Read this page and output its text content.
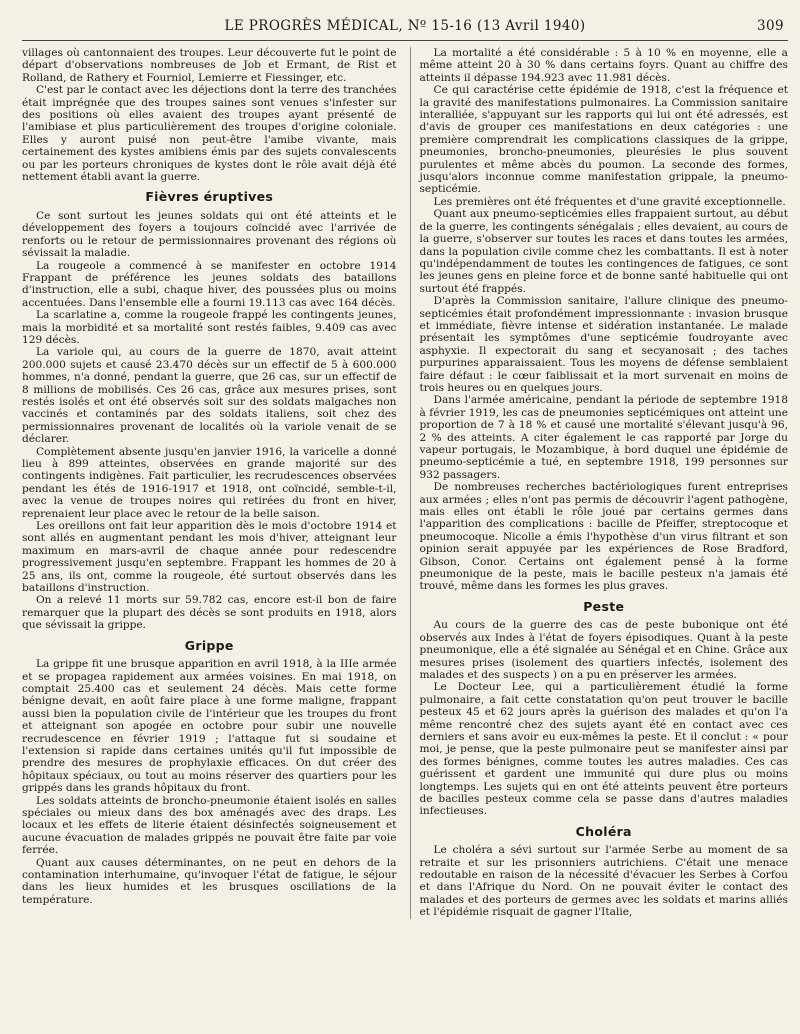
LE PROGRÈS MÉDICAL, Nº 15-16 (13 Avril 1940)	309

villages où cantonnaient des troupes. Leur découverte fut le point de départ d'observations nombreuses de Job et Ermant, de Rist et Rolland, de Rathery et Fourniol, Lemierre et Fiessinger, etc.

C'est par le contact avec les déjections dont la terre des tranchées était imprégnée que des troupes saines sont venues s'infester sur des positions où elles avaient des troupes ayant présenté de l'amibiase et plus particulièrement des troupes d'origine coloniale. Elles y auront puisé non peut-être l'amibe vivante, mais certainement des kystes amibiens émis par des sujets convalescents ou par les porteurs chroniques de kystes dont le rôle avait déjà été nettement établi avant la guerre.

Fièvres éruptives

Ce sont surtout les jeunes soldats qui ont été atteints et le développement des foyers a toujours coïncidé avec l'arrivée de renforts ou le retour de permissionnaires provenant des régions où sévissait la maladie.

La rougeole a commencé à se manifester en octobre 1914 Frappant de préférence les jeunes soldats des bataillons d'instruction, elle a subi, chaque hiver, des poussées plus ou moins accentuées. Dans l'ensemble elle a fourni 19.113 cas avec 164 décès.

La scarlatine a, comme la rougeole frappé les contingents jeunes, mais la morbidité et sa mortalité sont restés faibles, 9.409 cas avec 129 décès.

La variole qui, au cours de la guerre de 1870, avait atteint 200.000 sujets et causé 23.470 décès sur un effectif de 5 à 600.000 hommes, n'a donné, pendant la guerre, que 26 cas, sur un effectif de 8 millions de mobilisés. Ces 26 cas, grâce aux mesures prises, sont restés isolés et ont été observés soit sur des soldats malgaches non vaccinés et contaminés par des soldats italiens, soit chez des permissionnaires provenant de localités où la variole venait de se déclarer.

Complètement absente jusqu'en janvier 1916, la varicelle a donné lieu à 899 atteintes, observées en grande majorité sur des contingents indigènes. Fait particulier, les recrudescences observées pendant les étés de 1916-1917 et 1918, ont coïncidé, semble-t-il, avec la venue de troupes noires qui retirées du front en hiver, reprenaient leur place avec le retour de la belle saison.

Les oreillons ont fait leur apparition dès le mois d'octobre 1914 et sont allés en augmentant pendant les mois d'hiver, atteignant leur maximum en mars-avril de chaque année pour redescendre progressivement jusqu'en septembre. Frappant les hommes de 20 à 25 ans, ils ont, comme la rougeole, été surtout observés dans les bataillons d'instruction.

On a relevé 11 morts sur 59.782 cas, encore est-il bon de faire remarquer que la plupart des décès se sont produits en 1918, alors que sévissait la grippe.

Grippe

La grippe fit une brusque apparition en avril 1918, à la IIIe armée et se propagea rapidement aux armées voisines. En mai 1918, on comptait 25.400 cas et seulement 24 décès. Mais cette forme bénigne devait, en août faire place à une forme maligne, frappant aussi bien la population civile de l'intérieur que les troupes du front et atteignant son apogée en octobre pour subir une nouvelle recrudescence en février 1919 ; l'attaque fut si soudaine et l'extension si rapide dans certaines unités qu'il fut impossible de prendre des mesures de prophylaxie efficaces. On dut créer des hôpitaux spéciaux, ou tout au moins réserver des quartiers pour les grippés dans les grands hôpitaux du front.

Les soldats atteints de broncho-pneumonie étaient isolés en salles spéciales ou mieux dans des box aménagés avec des draps. Les locaux et les effets de literie étaient désinfectés soigneusement et aucune évacuation de malades grippés ne pouvait être faite par voie ferrée.

Quant aux causes déterminantes, on ne peut en dehors de la contamination interhumaine, qu'invoquer l'état de fatigue, le séjour dans les lieux humides et les brusques oscillations de la température.

La mortalité a été considérable : 5 à 10 % en moyenne, elle a même atteint 20 à 30 % dans certains foyrs. Quant au chiffre des atteints il dépasse 194.923 avec 11.981 décès.

Ce qui caractérise cette épidémie de 1918, c'est la fréquence et la gravité des manifestations pulmonaires. La Commission sanitaire interalliée, s'appuyant sur les rapports qui lui ont été adressés, est d'avis de grouper ces manifestations en deux catégories : une première comprendrait les complications classiques de la grippe, pneumonies, broncho-pneumonies, pleurésies le plus souvent purulentes et même abcès du poumon. La seconde des formes, jusqu'alors inconnue comme manifestation grippale, la pneumo-septicémie.

Les premières ont été fréquentes et d'une gravité exceptionnelle.

Quant aux pneumo-septicémies elles frappaient surtout, au début de la guerre, les contingents sénégalais ; elles devaient, au cours de la guerre, s'observer sur toutes les races et dans toutes les armées, dans la population civile comme chez les combattants. Il est à noter qu'indépendamment de toutes les contingences de fatigues, ce sont les jeunes gens en pleine force et de bonne santé habituelle qui ont surtout été frappés.

D'après la Commission sanitaire, l'allure clinique des pneumo-septicémies était profondément impressionnante : invasion brusque et immédiate, fièvre intense et sidération instantanée. Le malade présentait les symptômes d'une septicémie foudroyante avec asphyxie. Il expectorait du sang et secyanosait ; des taches purpurines apparaissaient. Tous les moyens de défense semblaient faire défaut : le cœur faiblissait et la mort survenait en moins de trois heures ou en quelques jours.

Dans l'armée américaine, pendant la période de septembre 1918 à février 1919, les cas de pneumonies septicémiques ont atteint une proportion de 7 à 18 % et causé une mortalité s'élevant jusqu'à 96, 2 % des atteints. A citer également le cas rapporté par Jorge du vapeur portugais, le Mozambique, à bord duquel une épidémie de pneumo-septicémie a tué, en septembre 1918, 199 personnes sur 932 passagers.

De nombreuses recherches bactériologiques furent entreprises aux armées ; elles n'ont pas permis de découvrir l'agent pathogène, mais elles ont établi le rôle joué par certains germes dans l'apparition des complications : bacille de Pfeiffer, streptocoque et pneumocoque. Nicolle a émis l'hypothèse d'un virus filtrant et son opinion serait appuyée par les expériences de Rose Bradford, Gibson, Conor. Certains ont également pensé à la forme pneumonique de la peste, mais le bacille pesteux n'a jamais été trouvé, même dans les formes les plus graves.

Peste

Au cours de la guerre des cas de peste bubonique ont été observés aux Indes à l'état de foyers épisodiques. Quant à la peste pneumonique, elle a été signalée au Sénégal et en Chine. Grâce aux mesures prises (isolement des quartiers infectés, isolement des malades et des suspects ) on a pu en préserver les armées.

Le Docteur Lee, qui a particulièrement étudié la forme pulmonaire, a fait cette constatation qu'on peut trouver le bacille pesteux 45 et 62 jours après la guérison des malades et qu'on l'a même rencontré chez des sujets ayant été en contact avec ces derniers et sans avoir eu eux-mêmes la peste. Et il conclut : « pour moi, je pense, que la peste pulmonaire peut se manifester ainsi par des formes bénignes, comme toutes les autres maladies. Ces cas guérissent et gardent une immunité qui dure plus ou moins longtemps. Les sujets qui en ont été atteints peuvent être porteurs de bacilles pesteux comme cela se passe dans d'autres maladies infectieuses.

Choléra

Le choléra a sévi surtout sur l'armée Serbe au moment de sa retraite et sur les prisonniers autrichiens. C'était une menace redoutable en raison de la nécessité d'évacuer les Serbes à Corfou et dans l'Afrique du Nord. On ne pouvait éviter le contact des malades et des porteurs de germes avec les soldats et marins alliés et l'épidémie risquait de gagner l'Italie,
